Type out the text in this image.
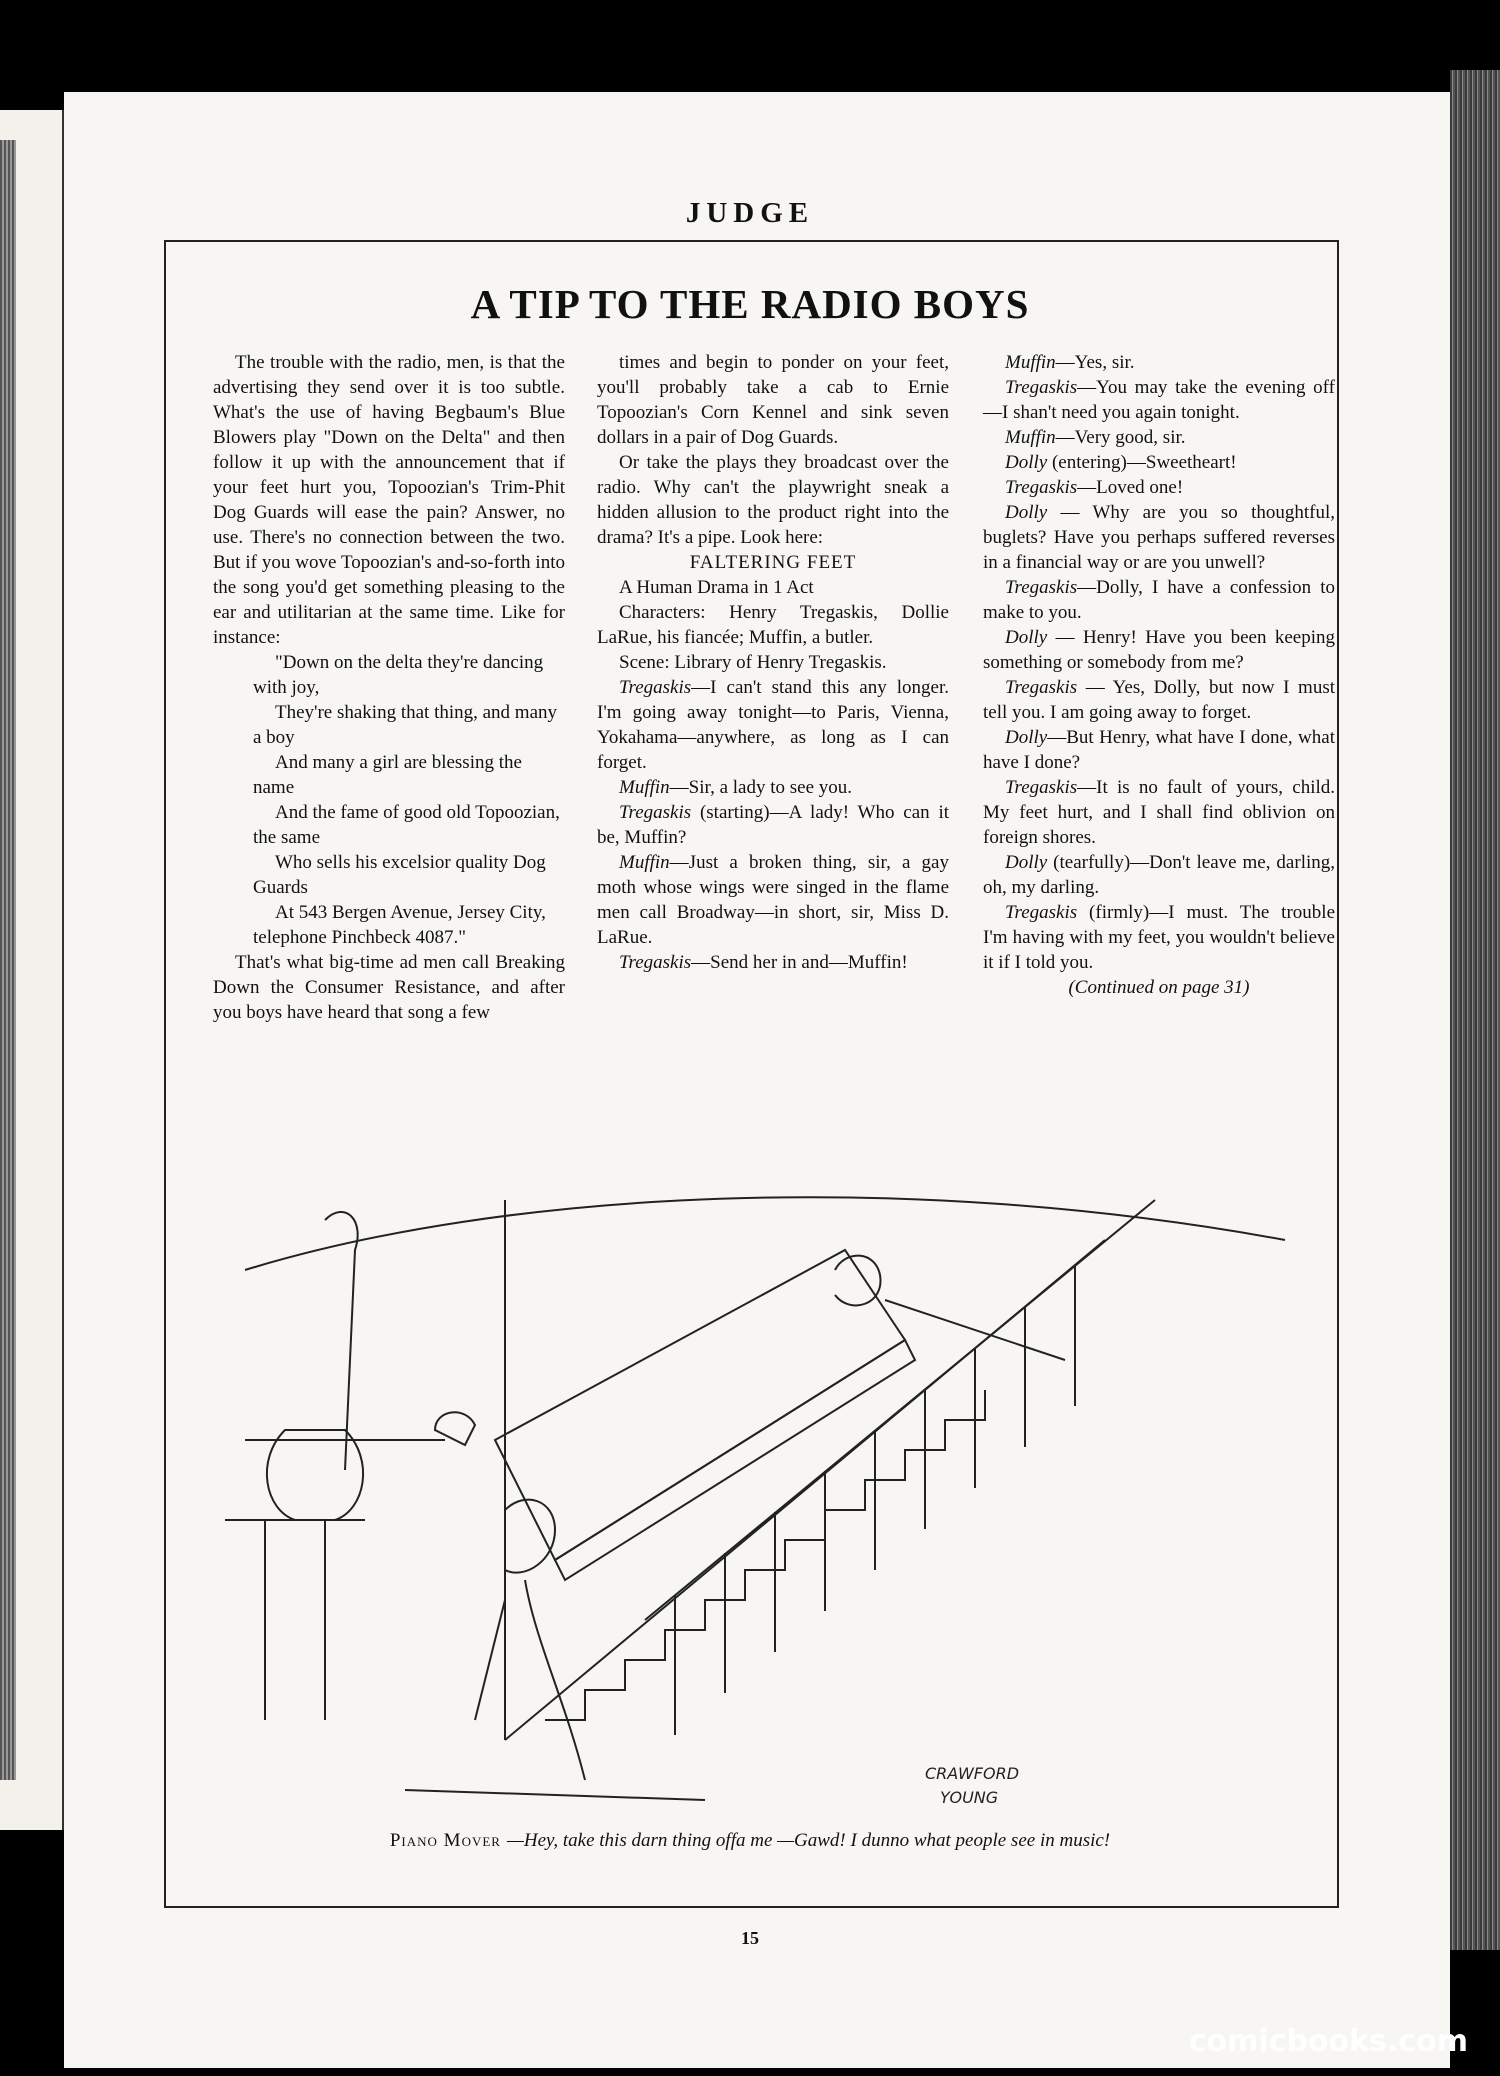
JUDGE
A TIP TO THE RADIO BOYS

The trouble with the radio, men, is that the advertising they send over it is too subtle. What's the use of having Begbaum's Blue Blowers play "Down on the Delta" and then follow it up with the announcement that if your feet hurt you, Topoozian's Trim-Phit Dog Guards will ease the pain? Answer, no use. There's no connection between the two. But if you wove Topoozian's and-so-forth into the song you'd get something pleasing to the ear and utilitarian at the same time. Like for instance:

"Down on the delta they're dancing with joy,

They're shaking that thing, and many a boy

And many a girl are blessing the name

And the fame of good old Topoozian, the same

Who sells his excelsior quality Dog Guards

At 543 Bergen Avenue, Jersey City, telephone Pinchbeck 4087."

That's what big-time ad men call Breaking Down the Consumer Resistance, and after you boys have heard that song a few

times and begin to ponder on your feet, you'll probably take a cab to Ernie Topoozian's Corn Kennel and sink seven dollars in a pair of Dog Guards.

Or take the plays they broadcast over the radio. Why can't the playwright sneak a hidden allusion to the product right into the drama? It's a pipe. Look here:

FALTERING FEET

A Human Drama in 1 Act

Characters: Henry Tregaskis, Dollie LaRue, his fiancée; Muffin, a butler.

Scene: Library of Henry Tregaskis.

Tregaskis—I can't stand this any longer. I'm going away tonight—to Paris, Vienna, Yokahama—anywhere, as long as I can forget.

Muffin—Sir, a lady to see you.

Tregaskis (starting)—A lady! Who can it be, Muffin?

Muffin—Just a broken thing, sir, a gay moth whose wings were singed in the flame men call Broadway—in short, sir, Miss D. LaRue.

Tregaskis—Send her in and—Muffin!

Muffin—Yes, sir.

Tregaskis—You may take the evening off—I shan't need you again tonight.

Muffin—Very good, sir.

Dolly (entering)—Sweetheart!

Tregaskis—Loved one!

Dolly — Why are you so thoughtful, buglets? Have you perhaps suffered reverses in a financial way or are you unwell?

Tregaskis—Dolly, I have a confession to make to you.

Dolly — Henry! Have you been keeping something or somebody from me?

Tregaskis — Yes, Dolly, but now I must tell you. I am going away to forget.

Dolly—But Henry, what have I done, what have I done?

Tregaskis—It is no fault of yours, child. My feet hurt, and I shall find oblivion on foreign shores.

Dolly (tearfully)—Don't leave me, darling, oh, my darling.

Tregaskis (firmly)—I must. The trouble I'm having with my feet, you wouldn't believe it if I told you.

(Continued on page 31)

CRAWFORD
YOUNG
Piano Mover —Hey, take this darn thing offa me —Gawd! I dunno what people see in music!
15
comicbooks.com
